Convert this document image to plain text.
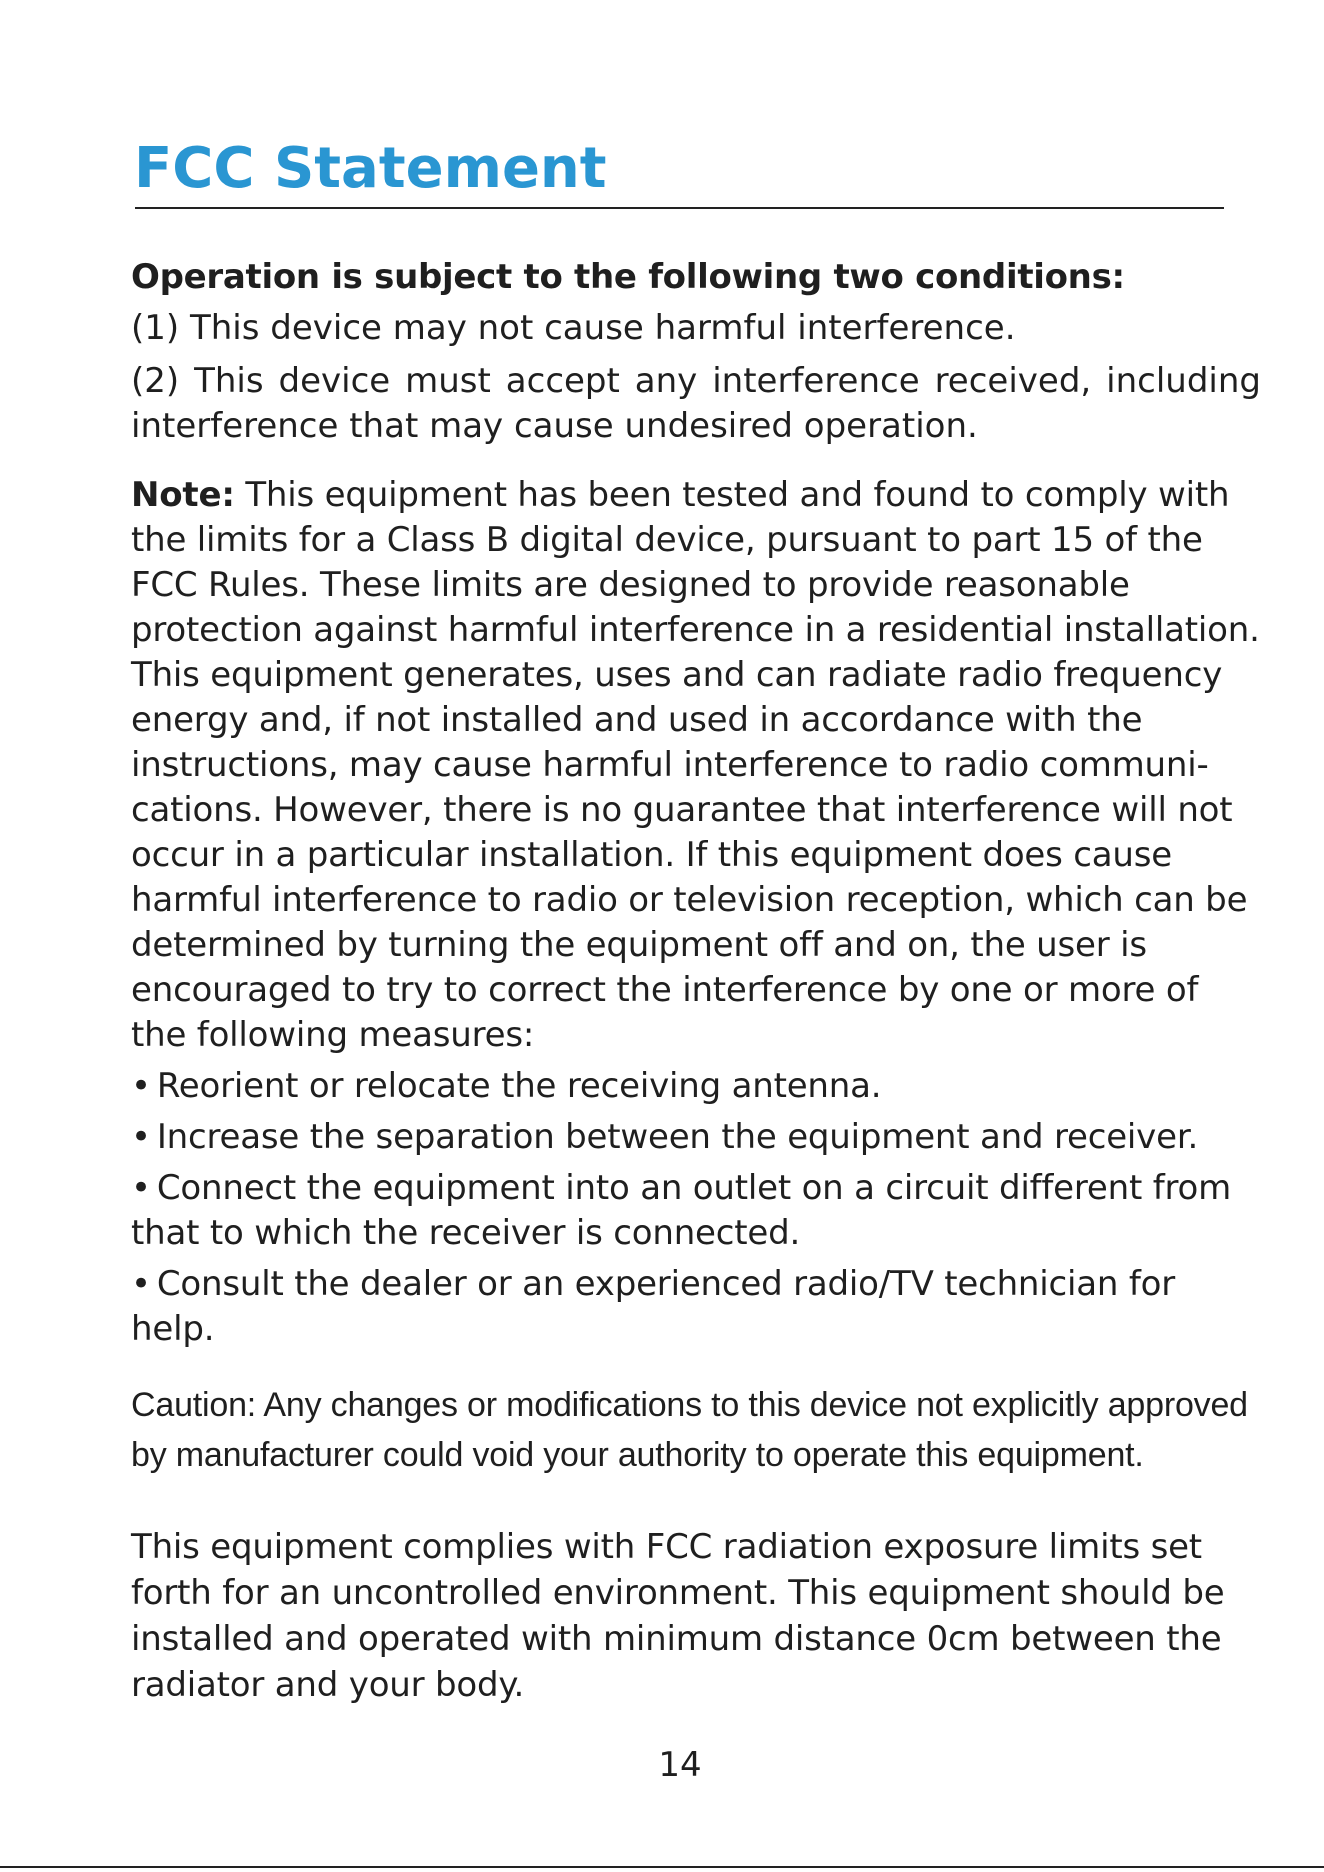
FCC Statement

Operation is subject to the following two conditions:

(1) This device may not cause harmful interference.

(2) This device must accept any interference received, including interference that may cause undesired operation.

Note: This equipment has been tested and found to comply with the limits for a Class B digital device, pursuant to part 15 of the FCC Rules. These limits are designed to provide reasonable protection against harmful interference in a residential installation. This equipment generates, uses and can radiate radio frequency energy and, if not installed and used in accordance with the instructions, may cause harmful interference to radio communi-cations. However, there is no guarantee that interference will not occur in a particular installation. If this equipment does cause harmful interference to radio or television reception, which can be determined by turning the equipment off and on, the user is encouraged to try to correct the interference by one or more of the following measures:

• Reorient or relocate the receiving antenna.
• Increase the separation between the equipment and receiver.
• Connect the equipment into an outlet on a circuit different from that to which the receiver is connected.
• Consult the dealer or an experienced radio/TV technician for help.

Caution: Any changes or modifications to this device not explicitly approved by manufacturer could void your authority to operate this equipment.

This equipment complies with FCC radiation exposure limits set forth for an uncontrolled environment. This equipment should be installed and operated with minimum distance 0cm between the radiator and your body.

14
